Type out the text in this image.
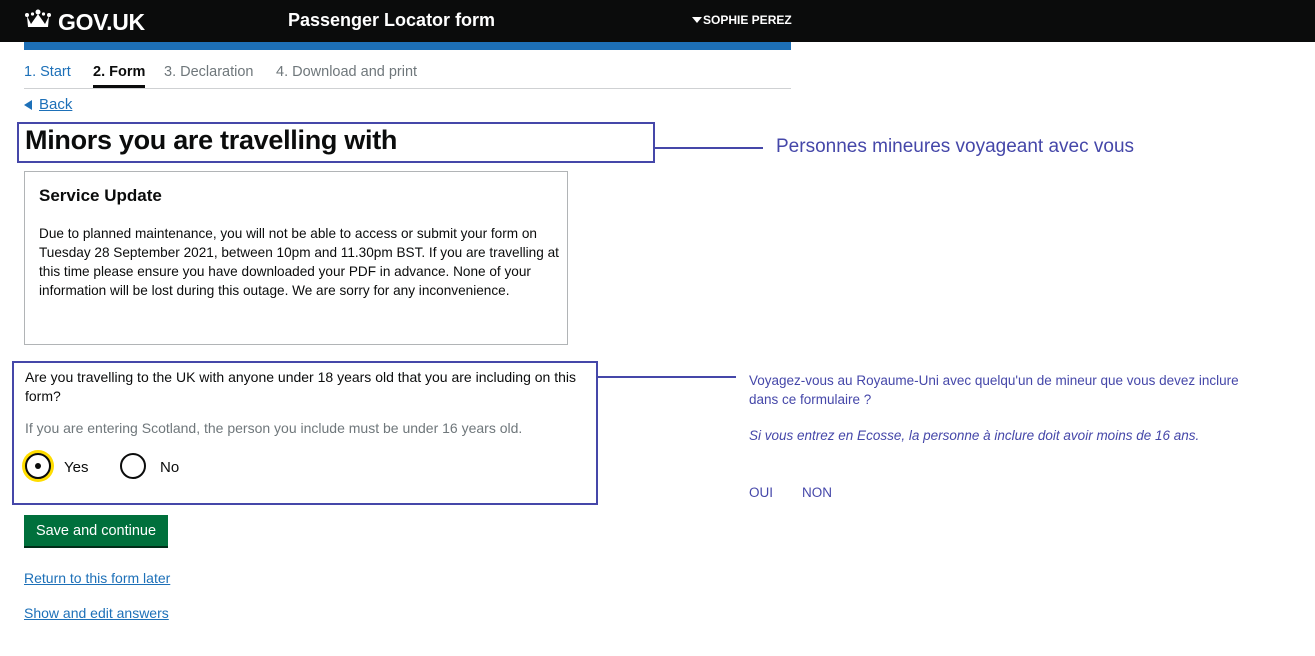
GOV.UK	Passenger Locator form	SOPHIE PEREZ
1. Start 2. Form 3. Declaration 4. Download and print
Back
Minors you are travelling with	Personnes mineures voyageant avec vous
Service Update
Due to planned maintenance, you will not be able to access or submit your form on Tuesday 28 September 2021, between 10pm and 11.30pm BST. If you are travelling at this time please ensure you have downloaded your PDF in advance. None of your information will be lost during this outage. We are sorry for any inconvenience.
Are you travelling to the UK with anyone under 18 years old that you are including on this form?
If you are entering Scotland, the person you include must be under 16 years old.
Yes	No
Voyagez-vous au Royaume-Uni avec quelqu'un de mineur que vous devez inclure dans ce formulaire ?
Si vous entrez en Ecosse, la personne à inclure doit avoir moins de 16 ans.
OUI NON
Save and continue
Return to this form later
Show and edit answers
